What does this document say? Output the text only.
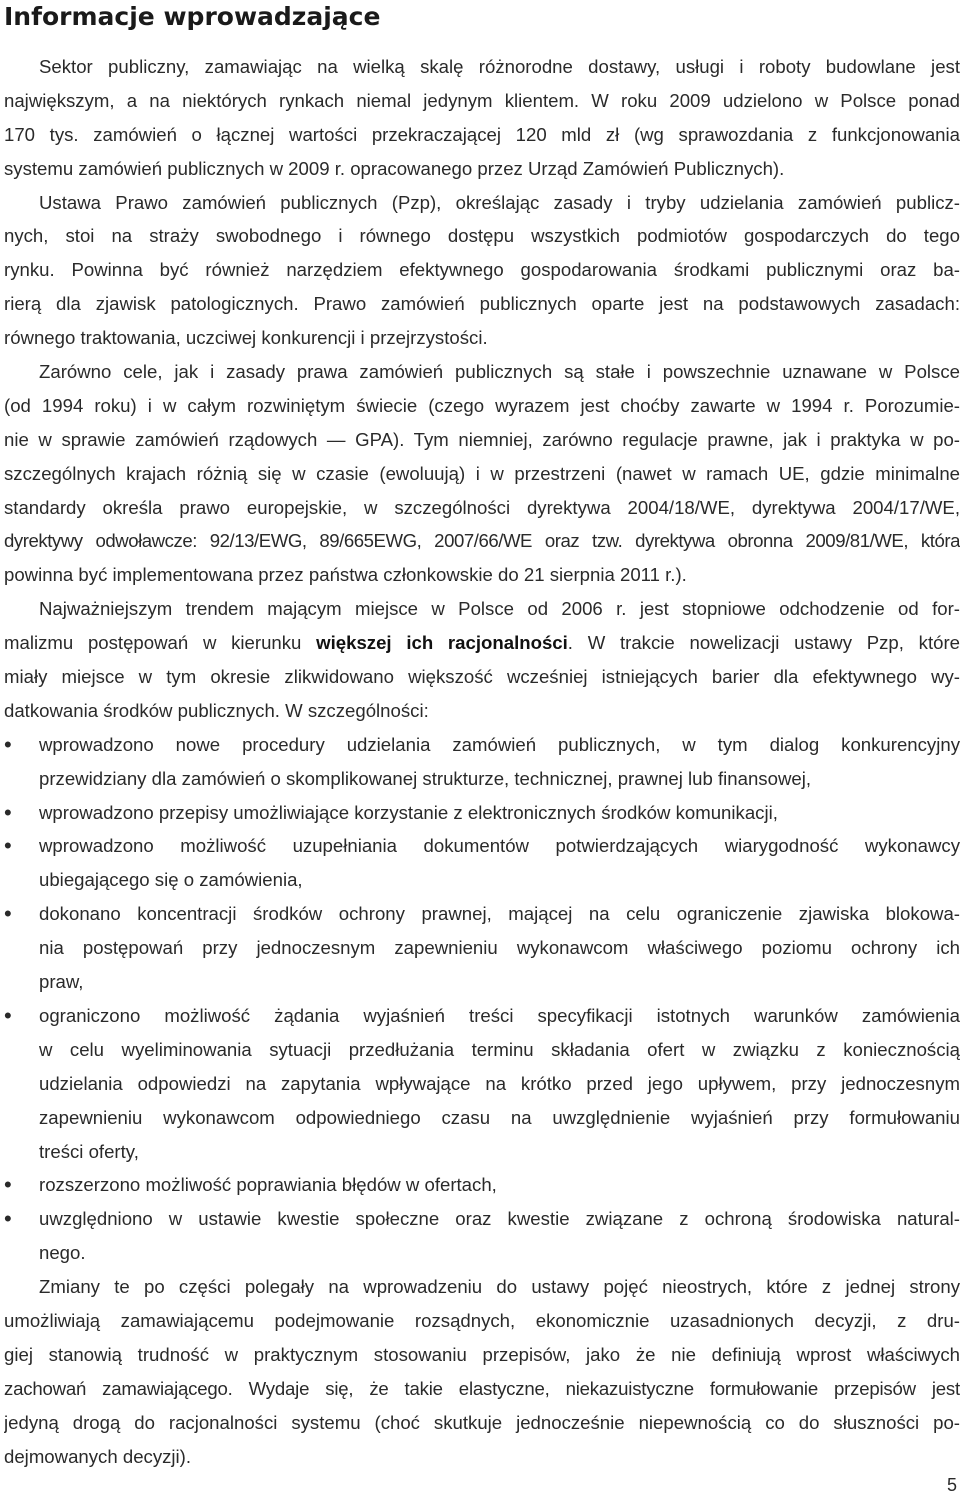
Informacje wprowadzające
Sektor publiczny, zamawiając na wielką skalę różnorodne dostawy, usługi i roboty budowlane jest
największym, a na niektórych rynkach niemal jedynym klientem. W roku 2009 udzielono w Polsce ponad
170 tys. zamówień o łącznej wartości przekraczającej 120 mld zł (wg sprawozdania z funkcjonowania
systemu zamówień publicznych w 2009 r. opracowanego przez Urząd Zamówień Publicznych).
Ustawa Prawo zamówień publicznych (Pzp), określając zasady i tryby udzielania zamówień publicz-
nych, stoi na straży swobodnego i równego dostępu wszystkich podmiotów gospodarczych do tego
rynku. Powinna być również narzędziem efektywnego gospodarowania środkami publicznymi oraz ba-
rierą dla zjawisk patologicznych. Prawo zamówień publicznych oparte jest na podstawowych zasadach:
równego traktowania, uczciwej konkurencji i przejrzystości.
Zarówno cele, jak i zasady prawa zamówień publicznych są stałe i powszechnie uznawane w Polsce
(od 1994 roku) i w całym rozwiniętym świecie (czego wyrazem jest choćby zawarte w 1994 r. Porozumie-
nie w sprawie zamówień rządowych — GPA). Tym niemniej, zarówno regulacje prawne, jak i praktyka w po-
szczególnych krajach różnią się w czasie (ewoluują) i w przestrzeni (nawet w ramach UE, gdzie minimalne
standardy określa prawo europejskie, w szczególności dyrektywa 2004/18/WE, dyrektywa 2004/17/WE,
dyrektywy odwoławcze: 92/13/EWG, 89/665EWG, 2007/66/WE oraz tzw. dyrektywa obronna 2009/81/WE, która
powinna być implementowana przez państwa członkowskie do 21 sierpnia 2011 r.).
Najważniejszym trendem mającym miejsce w Polsce od 2006 r. jest stopniowe odchodzenie od for-
malizmu postępowań w kierunku większej ich racjonalności. W trakcie nowelizacji ustawy Pzp, które
miały miejsce w tym okresie zlikwidowano większość wcześniej istniejących barier dla efektywnego wy-
datkowania środków publicznych. W szczególności:
•	wprowadzono nowe procedury udzielania zamówień publicznych, w tym dialog konkurencyjny
przewidziany dla zamówień o skomplikowanej strukturze, technicznej, prawnej lub finansowej,
•	wprowadzono przepisy umożliwiające korzystanie z elektronicznych środków komunikacji,
•	wprowadzono możliwość uzupełniania dokumentów potwierdzających wiarygodność wykonawcy
ubiegającego się o zamówienia,
•	dokonano koncentracji środków ochrony prawnej, mającej na celu ograniczenie zjawiska blokowa-
nia postępowań przy jednoczesnym zapewnieniu wykonawcom właściwego poziomu ochrony ich
praw,
•	ograniczono możliwość żądania wyjaśnień treści specyfikacji istotnych warunków zamówienia
w celu wyeliminowania sytuacji przedłużania terminu składania ofert w związku z koniecznością
udzielania odpowiedzi na zapytania wpływające na krótko przed jego upływem, przy jednoczesnym
zapewnieniu wykonawcom odpowiedniego czasu na uwzględnienie wyjaśnień przy formułowaniu
treści oferty,
•	rozszerzono możliwość poprawiania błędów w ofertach,
•	uwzględniono w ustawie kwestie społeczne oraz kwestie związane z ochroną środowiska natural-
nego.
Zmiany te po części polegały na wprowadzeniu do ustawy pojęć nieostrych, które z jednej strony
umożliwiają zamawiającemu podejmowanie rozsądnych, ekonomicznie uzasadnionych decyzji, z dru-
giej stanowią trudność w praktycznym stosowaniu przepisów, jako że nie definiują wprost właściwych
zachowań zamawiającego. Wydaje się, że takie elastyczne, niekazuistyczne formułowanie przepisów jest
jedyną drogą do racjonalności systemu (choć skutkuje jednocześnie niepewnością co do słuszności po-
dejmowanych decyzji).
5
